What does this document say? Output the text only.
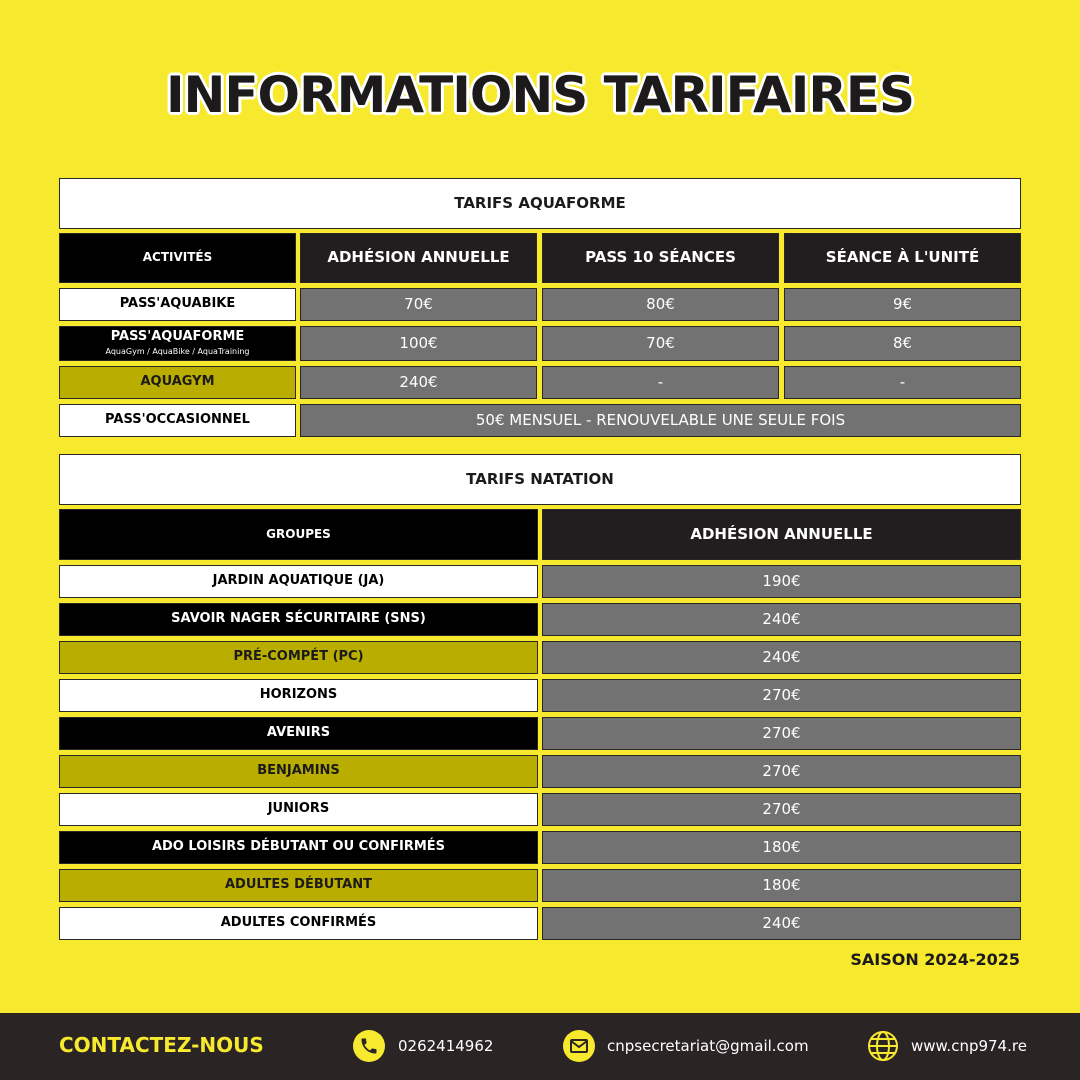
INFORMATIONS TARIFAIRES
TARIFS AQUAFORME
ACTIVITÉS	ADHÉSION ANNUELLE	PASS 10 SÉANCES	SÉANCE À L'UNITÉ
PASS'AQUABIKE	70€	80€	9€
PASS'AQUAFORME
AquaGym / AquaBike / AquaTraining	100€	70€	8€
AQUAGYM	240€	-	-
PASS'OCCASIONNEL	50€ MENSUEL - RENOUVELABLE UNE SEULE FOIS
TARIFS NATATION
GROUPES	ADHÉSION ANNUELLE
JARDIN AQUATIQUE (JA)	190€
SAVOIR NAGER SÉCURITAIRE (SNS)	240€
PRÉ-COMPÉT (PC)	240€
HORIZONS	270€
AVENIRS	270€
BENJAMINS	270€
JUNIORS	270€
ADO LOISIRS DÉBUTANT OU CONFIRMÉS	180€
ADULTES DÉBUTANT	180€
ADULTES CONFIRMÉS	240€
SAISON 2024-2025
CONTACTEZ-NOUS	0262414962	cnpsecretariat@gmail.com	www.cnp974.re
